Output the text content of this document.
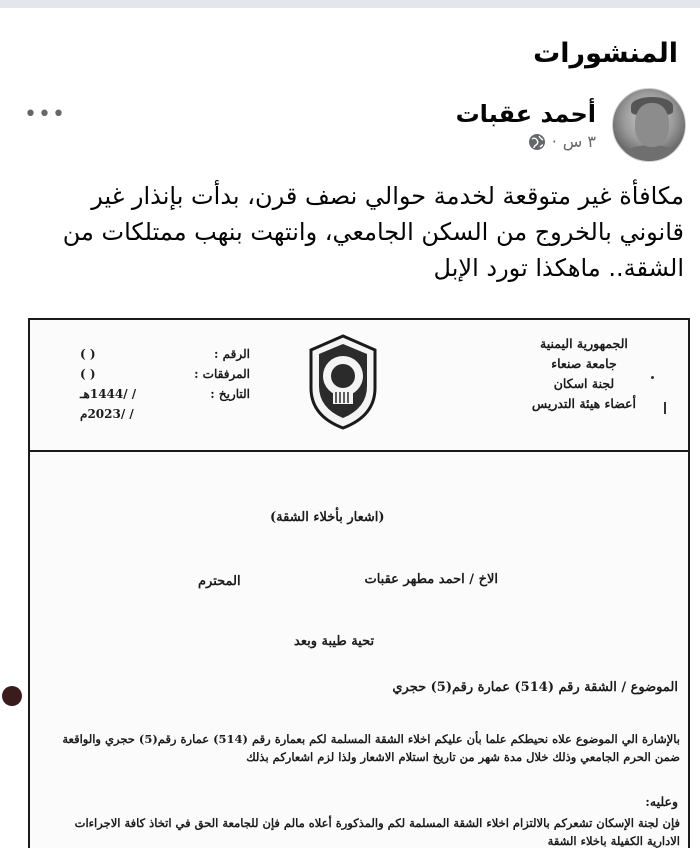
المنشورات
أحمد عقبات
٣ س
·
•••
مكافأة غير متوقعة لخدمة حوالي نصف قرن، بدأت بإنذار غير قانوني بالخروج من السكن الجامعي، وانتهت بنهب ممتلكات من الشقة.. ماهكذا تورد الإبل
الجمهورية اليمنية
جامعة صنعاء
لجنة اسكان
أعضاء هيئة التدريس
الرقم :
( )
المرفقات :
( )
التاريخ :
/ /1444هـ
/ /2023م
(اشعار بأخلاء الشقة)
الاخ / احمد مطهر عقبات
المحترم
تحية طيبة وبعد
الموضوع / الشقة رقم (514) عمارة رقم(5) حجري
بالإشارة الي الموضوع علاه نحيطكم علما بأن عليكم اخلاء الشقة المسلمة لكم بعمارة رقم (514) عمارة رقم(5) حجري والواقعة ضمن الحرم الجامعي وذلك خلال مدة شهر من تاريخ استلام الاشعار ولذا لزم اشعاركم بذلك
وعليه:
فإن لجنة الإسكان تشعركم بالالتزام اخلاء الشقة المسلمة لكم والمذكورة أعلاه مالم فإن للجامعة الحق في اتخاذ كافة الاجراءات الادارية الكفيلة باخلاء الشقة
